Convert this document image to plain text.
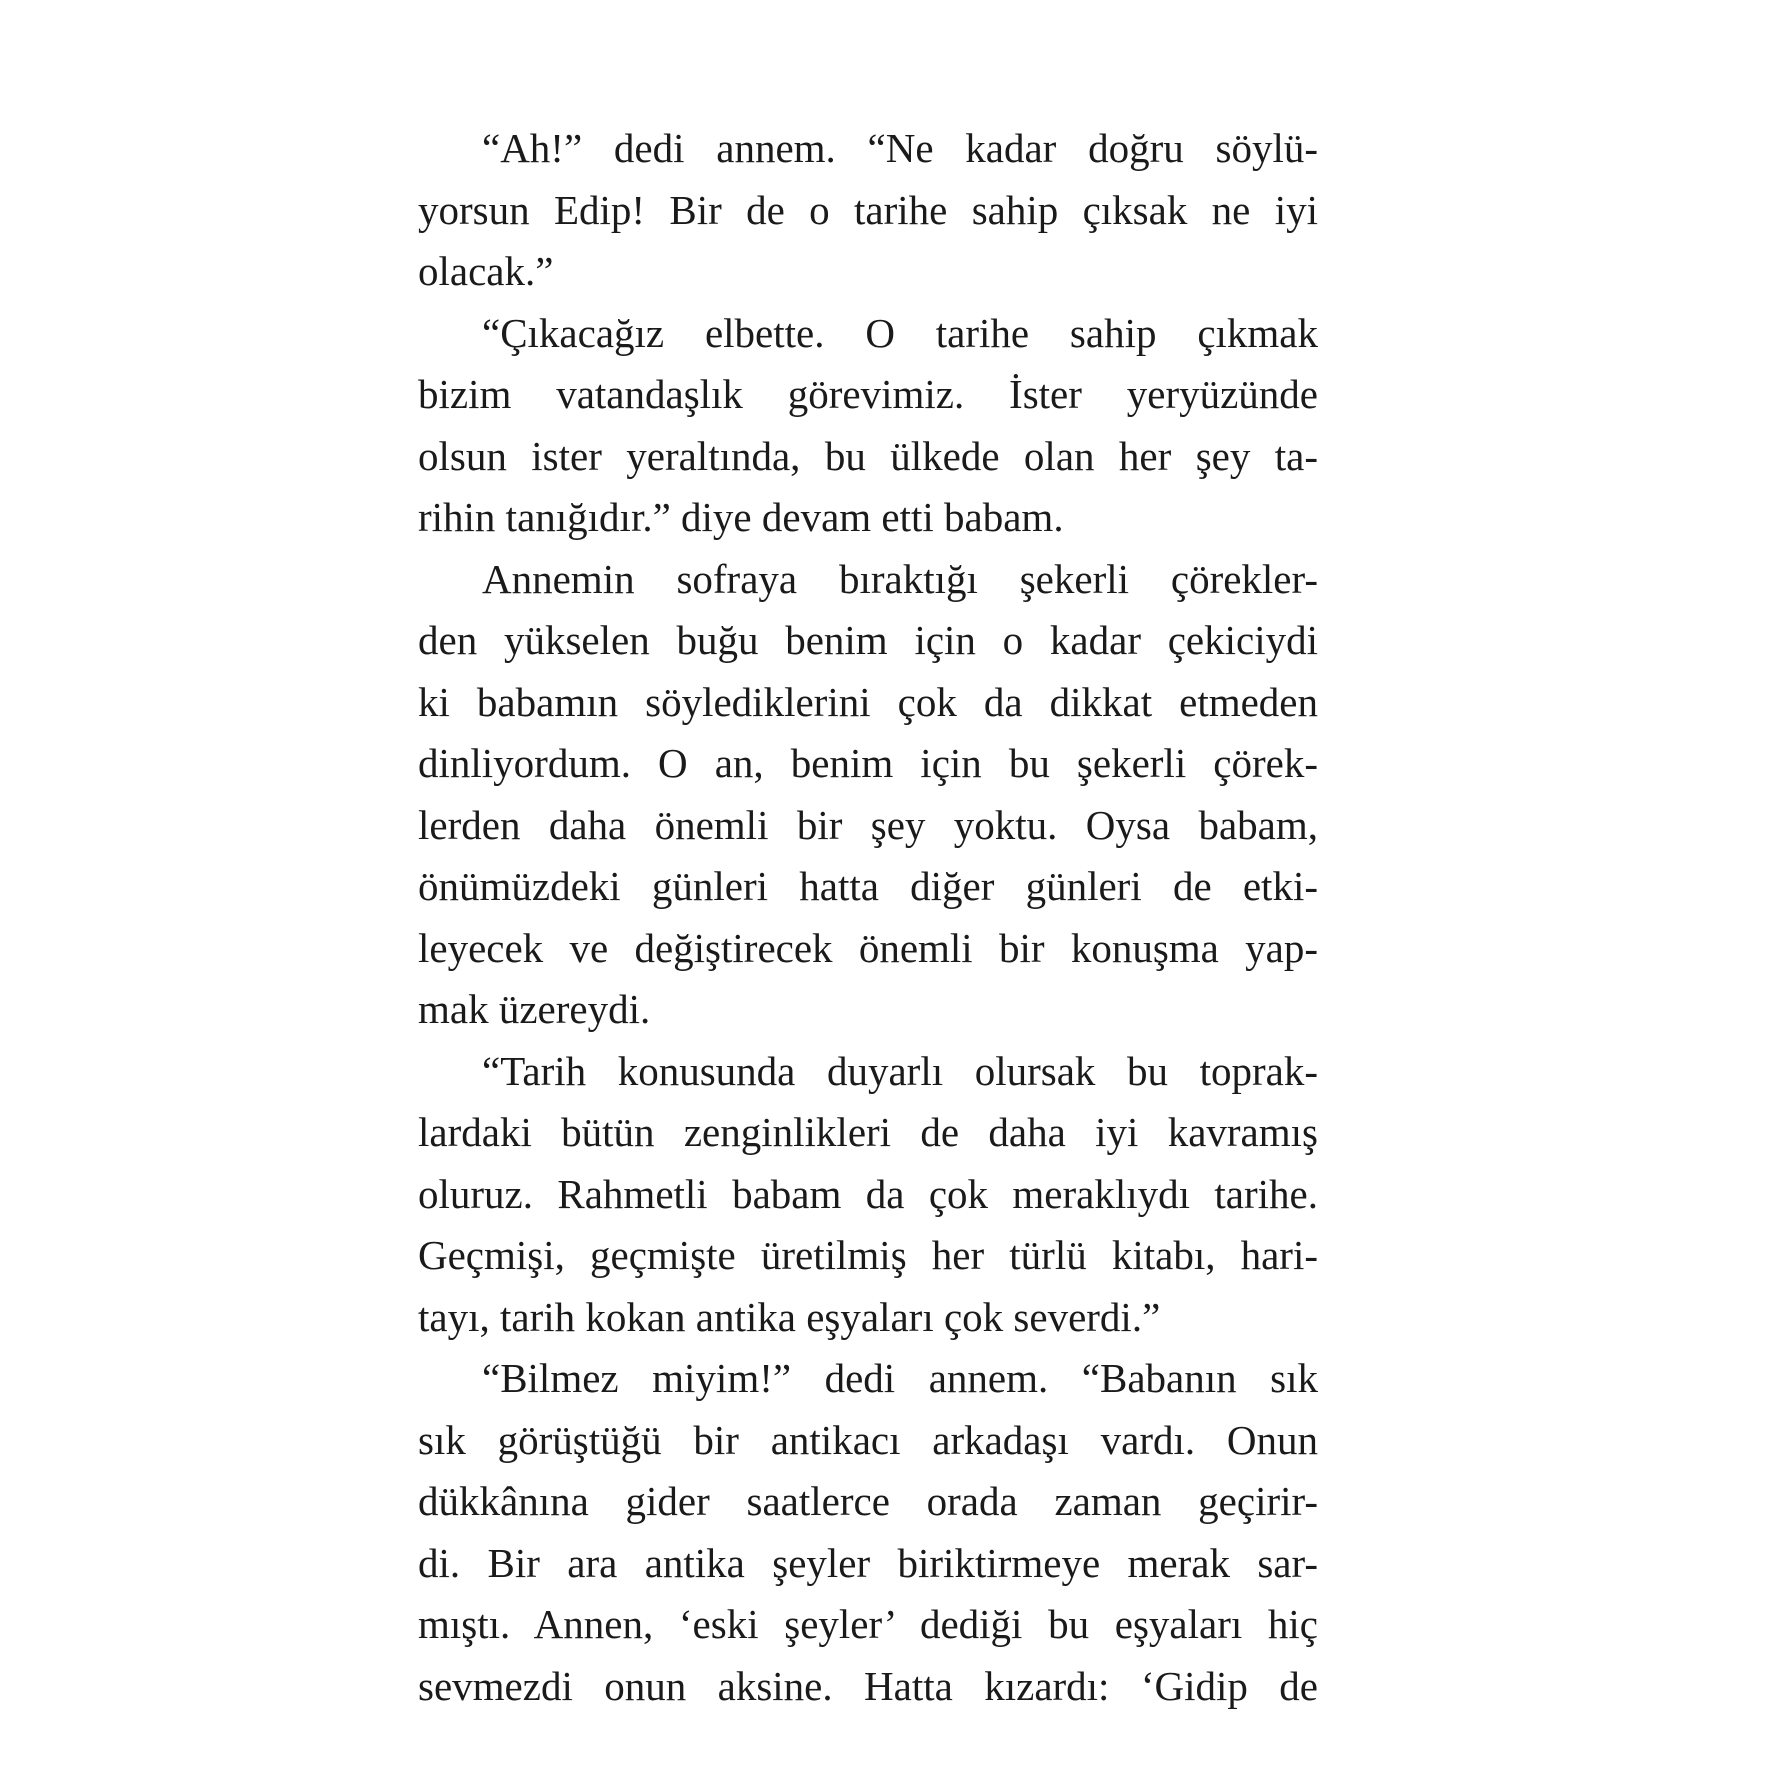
“Ah!” dedi annem. “Ne kadar doğru söylü-
yorsun Edip! Bir de o tarihe sahip çıksak ne iyi
olacak.”
“Çıkacağız elbette. O tarihe sahip çıkmak
bizim vatandaşlık görevimiz. İster yeryüzünde
olsun ister yeraltında, bu ülkede olan her şey ta-
rihin tanığıdır.” diye devam etti babam.
Annemin sofraya bıraktığı şekerli çörekler-
den yükselen buğu benim için o kadar çekiciydi
ki babamın söylediklerini çok da dikkat etmeden
dinliyordum. O an, benim için bu şekerli çörek-
lerden daha önemli bir şey yoktu. Oysa babam,
önümüzdeki günleri hatta diğer günleri de etki-
leyecek ve değiştirecek önemli bir konuşma yap-
mak üzereydi.
“Tarih konusunda duyarlı olursak bu toprak-
lardaki bütün zenginlikleri de daha iyi kavramış
oluruz. Rahmetli babam da çok meraklıydı tarihe.
Geçmişi, geçmişte üretilmiş her türlü kitabı, hari-
tayı, tarih kokan antika eşyaları çok severdi.”
“Bilmez miyim!” dedi annem. “Babanın sık
sık görüştüğü bir antikacı arkadaşı vardı. Onun
dükkânına gider saatlerce orada zaman geçirir-
di. Bir ara antika şeyler biriktirmeye merak sar-
mıştı. Annen, ‘eski şeyler’ dediği bu eşyaları hiç
sevmezdi onun aksine. Hatta kızardı: ‘Gidip de
